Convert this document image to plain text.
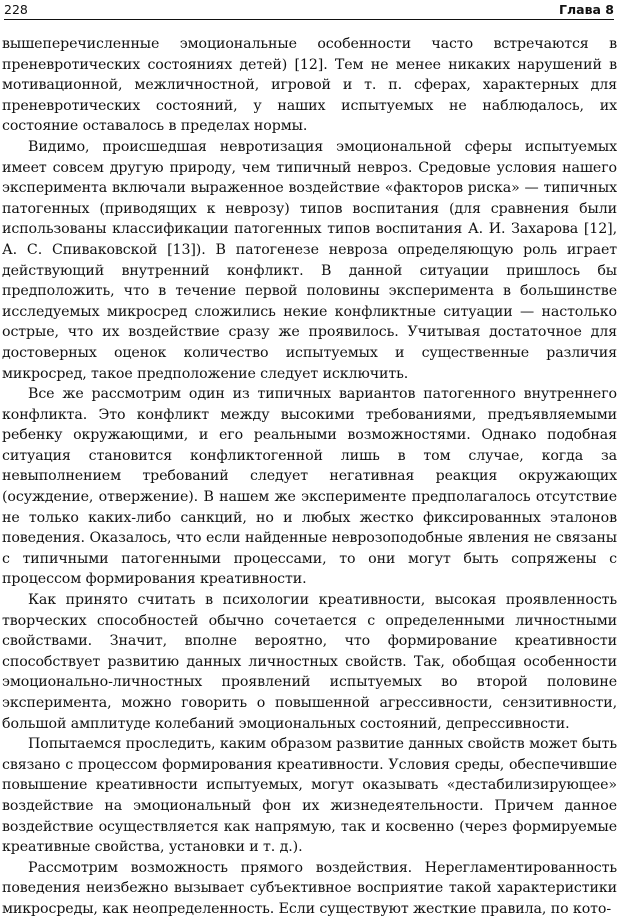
228	Глава 8

вышеперечисленные эмоциональные особенности часто встречаются в преневротических состояниях детей) [12]. Тем не менее никаких нарушений в мотивационной, межличностной, игровой и т. п. сферах, характерных для преневротических состояний, у наших испытуемых не наблюдалось, их состояние оставалось в пределах нормы.

Видимо, происшедшая невротизация эмоциональной сферы испытуемых имеет совсем другую природу, чем типичный невроз. Средовые условия нашего эксперимента включали выраженное воздействие «факторов риска» — типичных патогенных (приводящих к неврозу) типов воспитания (для сравнения были использованы классификации патогенных типов воспитания А. И. Захарова [12], А. С. Спиваковской [13]). В патогенезе невроза определяющую роль играет действующий внутренний конфликт. В данной ситуации пришлось бы предположить, что в течение первой половины эксперимента в большинстве исследуемых микросред сложились некие конфликтные ситуации — настолько острые, что их воздействие сразу же проявилось. Учитывая достаточное для достоверных оценок количество испытуемых и существенные различия микросред, такое предположение следует исключить.

Все же рассмотрим один из типичных вариантов патогенного внутреннего конфликта. Это конфликт между высокими требованиями, предъявляемыми ребенку окружающими, и его реальными возможностями. Однако подобная ситуация становится конфликтогенной лишь в том случае, когда за невыполнением требований следует негативная реакция окружающих (осуждение, отвержение). В нашем же эксперименте предполагалось отсутствие не только каких-либо санкций, но и любых жестко фиксированных эталонов поведения. Оказалось, что если найденные неврозоподобные явления не связаны с типичными патогенными процессами, то они могут быть сопряжены с процессом формирования креативности.

Как принято считать в психологии креативности, высокая проявленность творческих способностей обычно сочетается с определенными личностными свойствами. Значит, вполне вероятно, что формирование креативности способствует развитию данных личностных свойств. Так, обобщая особенности эмоционально-личностных проявлений испытуемых во второй половине эксперимента, можно говорить о повышенной агрессивности, сензитивности, большой амплитуде колебаний эмоциональных состояний, депрессивности.

Попытаемся проследить, каким образом развитие данных свойств может быть связано с процессом формирования креативности. Условия среды, обеспечившие повышение креативности испытуемых, могут оказывать «дестабилизирующее» воздействие на эмоциональный фон их жизнедеятельности. Причем данное воздействие осуществляется как напрямую, так и косвенно (через формируемые креативные свойства, установки и т. д.).

Рассмотрим возможность прямого воздействия. Нерегламентированность поведения неизбежно вызывает субъективное восприятие такой характеристики микросреды, как неопределенность. Если существуют жесткие правила, по кото-
